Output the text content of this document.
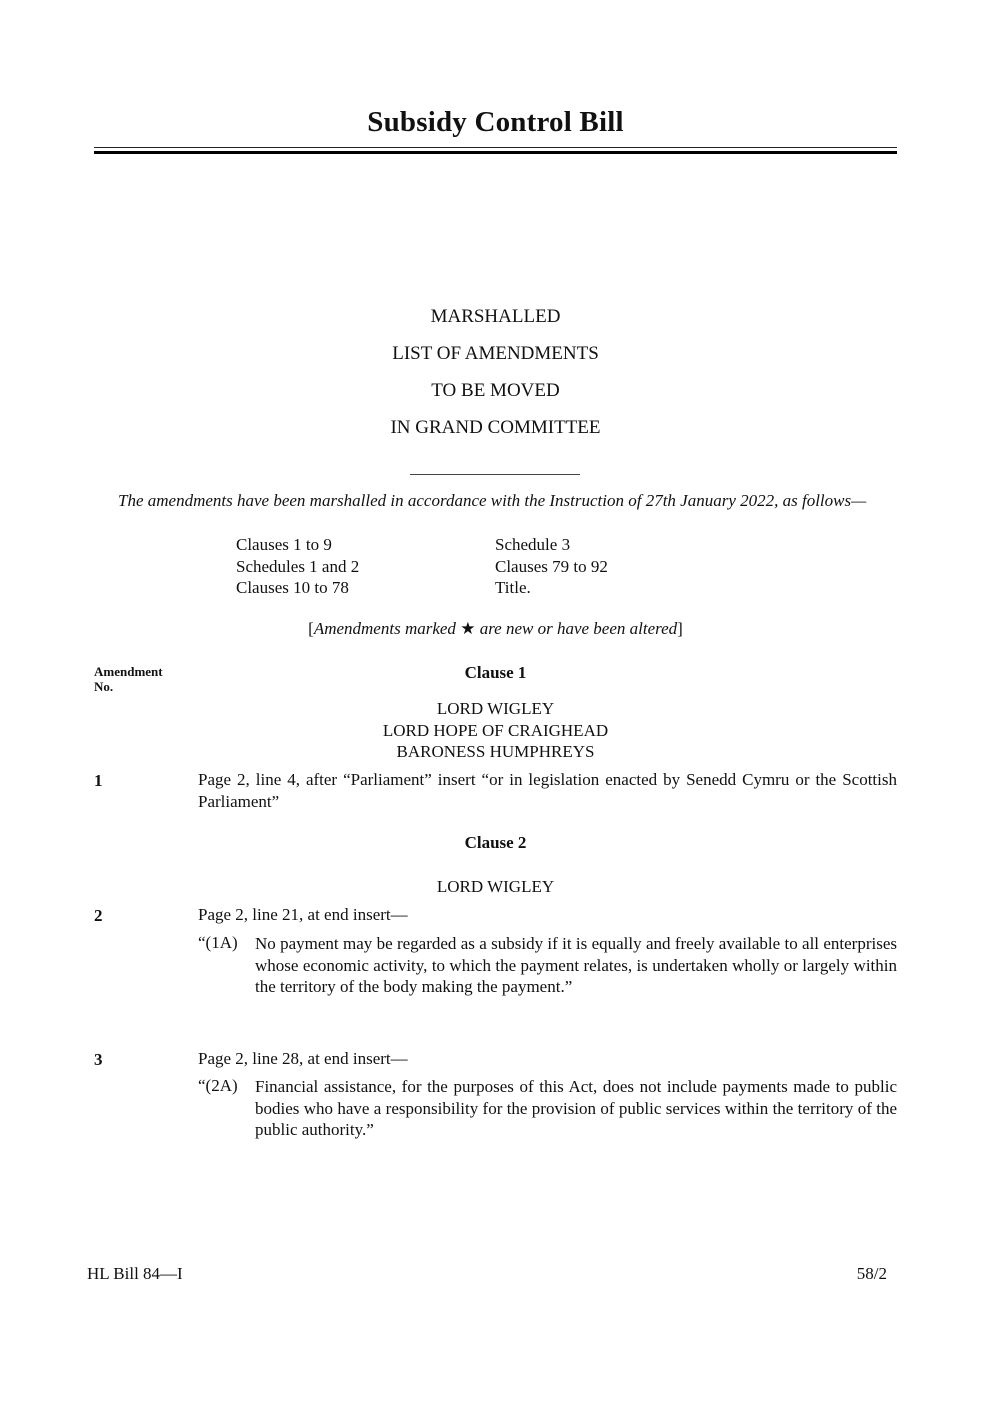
Subsidy Control Bill
MARSHALLED
LIST OF AMENDMENTS
TO BE MOVED
IN GRAND COMMITTEE
The amendments have been marshalled in accordance with the Instruction of 27th January 2022, as follows—
Clauses 1 to 9
Schedules 1 and 2
Clauses 10 to 78
Schedule 3
Clauses 79 to 92
Title.
[Amendments marked ★ are new or have been altered]
Amendment
No.
Clause 1
LORD WIGLEY
LORD HOPE OF CRAIGHEAD
BARONESS HUMPHREYS
1	Page 2, line 4, after “Parliament” insert “or in legislation enacted by Senedd Cymru or the Scottish Parliament”
Clause 2
LORD WIGLEY
2	Page 2, line 21, at end insert—
“(1A) No payment may be regarded as a subsidy if it is equally and freely available to all enterprises whose economic activity, to which the payment relates, is undertaken wholly or largely within the territory of the body making the payment.”
3	Page 2, line 28, at end insert—
“(2A) Financial assistance, for the purposes of this Act, does not include payments made to public bodies who have a responsibility for the provision of public services within the territory of the public authority.”
HL Bill 84—I	58/2
